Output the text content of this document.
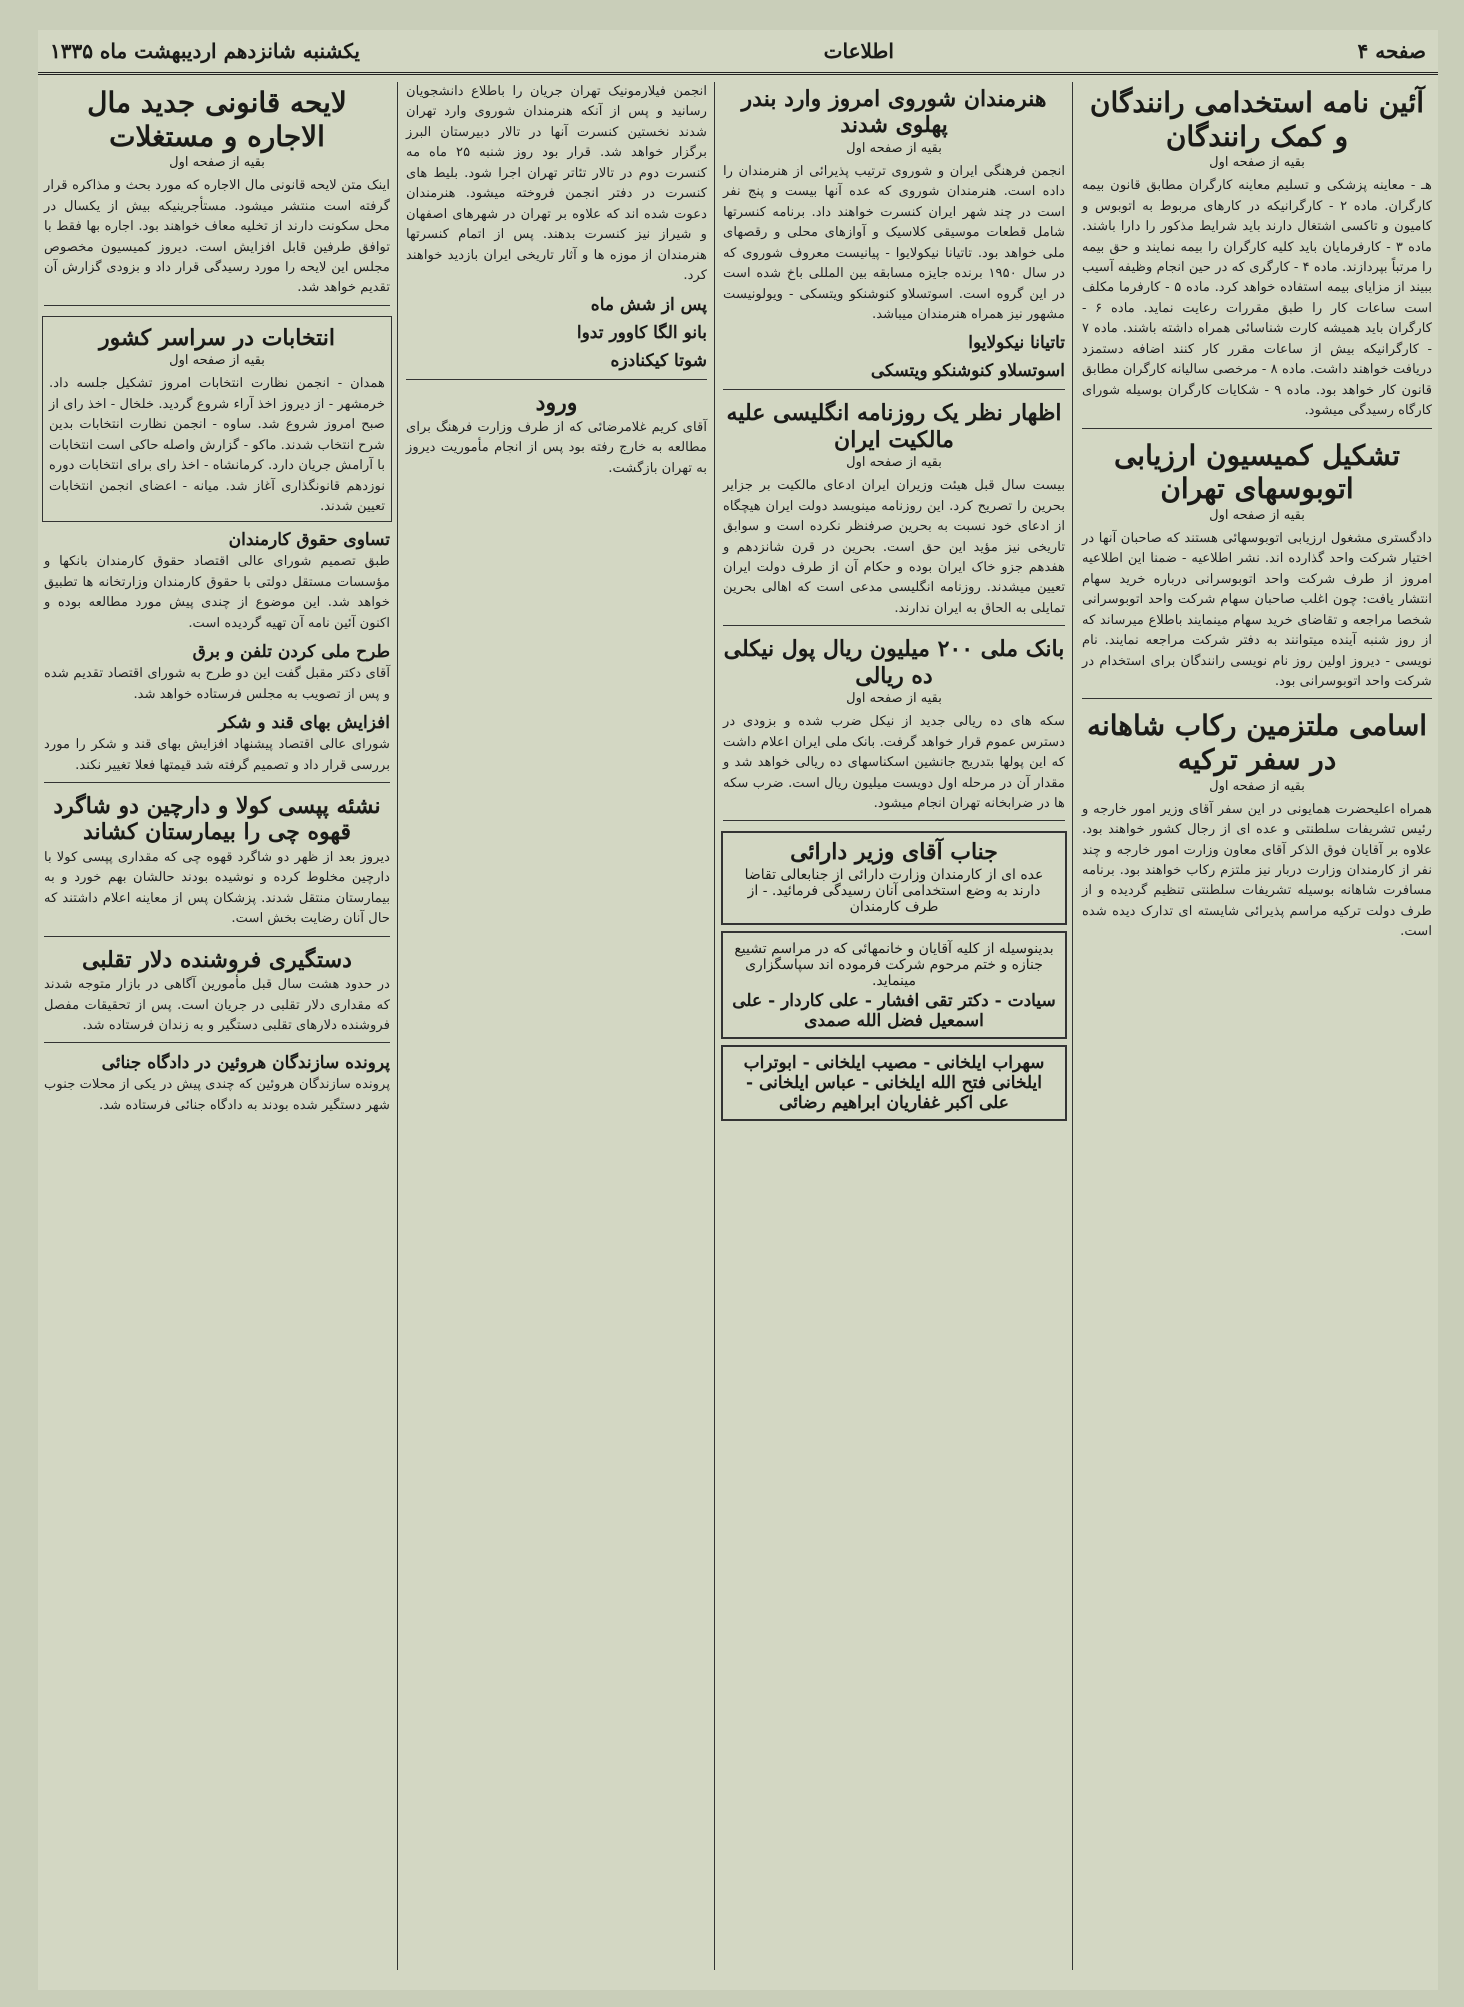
صفحه ۴
اطلاعات
یکشنبه شانزدهم اردیبهشت ماه ۱۳۳۵
آئین نامه استخدامی رانندگان و کمک رانندگان
بقیه از صفحه اول
هـ - معاینه پزشکی و تسلیم معاینه کارگران مطابق قانون بیمه کارگران. ماده ۲ - کارگرانیکه در کارهای مربوط به اتوبوس و کامیون و تاکسی اشتغال دارند باید شرایط مذکور را دارا باشند. ماده ۳ - کارفرمایان باید کلیه کارگران را بیمه نمایند و حق بیمه را مرتباً بپردازند. ماده ۴ - کارگری که در حین انجام وظیفه آسیب ببیند از مزایای بیمه استفاده خواهد کرد. ماده ۵ - کارفرما مکلف است ساعات کار را طبق مقررات رعایت نماید. ماده ۶ - کارگران باید همیشه کارت شناسائی همراه داشته باشند. ماده ۷ - کارگرانیکه بیش از ساعات مقرر کار کنند اضافه دستمزد دریافت خواهند داشت. ماده ۸ - مرخصی سالیانه کارگران مطابق قانون کار خواهد بود. ماده ۹ - شکایات کارگران بوسیله شورای کارگاه رسیدگی میشود.
تشکیل کمیسیون ارزیابی اتوبوسهای تهران
بقیه از صفحه اول
دادگستری مشغول ارزیابی اتوبوسهائی هستند که صاحبان آنها در اختیار شرکت واحد گذارده اند. نشر اطلاعیه - ضمنا این اطلاعیه امروز از طرف شرکت واحد اتوبوسرانی درباره خرید سهام انتشار یافت: چون اغلب صاحبان سهام شرکت واحد اتوبوسرانی شخصا مراجعه و تقاضای خرید سهام مینمایند باطلاع میرساند که از روز شنبه آینده میتوانند به دفتر شرکت مراجعه نمایند. نام نویسی - دیروز اولین روز نام نویسی رانندگان برای استخدام در شرکت واحد اتوبوسرانی بود.
اسامی ملتزمین رکاب شاهانه در سفر ترکیه
بقیه از صفحه اول
همراه اعلیحضرت همایونی در این سفر آقای وزیر امور خارجه و رئیس تشریفات سلطنتی و عده ای از رجال کشور خواهند بود. علاوه بر آقایان فوق الذکر آقای معاون وزارت امور خارجه و چند نفر از کارمندان وزارت دربار نیز ملتزم رکاب خواهند بود. برنامه مسافرت شاهانه بوسیله تشریفات سلطنتی تنظیم گردیده و از طرف دولت ترکیه مراسم پذیرائی شایسته ای تدارک دیده شده است.
هنرمندان شوروی امروز وارد بندر پهلوی شدند
بقیه از صفحه اول
انجمن فرهنگی ایران و شوروی ترتیب پذیرائی از هنرمندان را داده است. هنرمندان شوروی که عده آنها بیست و پنج نفر است در چند شهر ایران کنسرت خواهند داد. برنامه کنسرتها شامل قطعات موسیقی کلاسیک و آوازهای محلی و رقصهای ملی خواهد بود. تاتیانا نیکولایوا - پیانیست معروف شوروی که در سال ۱۹۵۰ برنده جایزه مسابقه بین المللی باخ شده است در این گروه است. اسوتسلاو کنوشنکو ویتسکی - ویولونیست مشهور نیز همراه هنرمندان میباشد.
تاتیانا نیکولایوا
اسوتسلاو کنوشنکو ویتسکی
اظهار نظر یک روزنامه انگلیسی علیه مالکیت ایران
بقیه از صفحه اول
بیست سال قبل هیئت وزیران ایران ادعای مالکیت بر جزایر بحرین را تصریح کرد. این روزنامه مینویسد دولت ایران هیچگاه از ادعای خود نسبت به بحرین صرفنظر نکرده است و سوابق تاریخی نیز مؤید این حق است. بحرین در قرن شانزدهم و هفدهم جزو خاک ایران بوده و حکام آن از طرف دولت ایران تعیین میشدند. روزنامه انگلیسی مدعی است که اهالی بحرین تمایلی به الحاق به ایران ندارند.
بانک ملی ۲۰۰ میلیون ریال پول نیکلی ده ریالی
بقیه از صفحه اول
سکه های ده ریالی جدید از نیکل ضرب شده و بزودی در دسترس عموم قرار خواهد گرفت. بانک ملی ایران اعلام داشت که این پولها بتدریج جانشین اسکناسهای ده ریالی خواهد شد و مقدار آن در مرحله اول دویست میلیون ریال است. ضرب سکه ها در ضرابخانه تهران انجام میشود.
جناب آقای وزیر دارائی
عده ای از کارمندان وزارت دارائی از جنابعالی تقاضا دارند به وضع استخدامی آنان رسیدگی فرمائید. - از طرف کارمندان
بدینوسیله از کلیه آقایان و خانمهائی که در مراسم تشییع جنازه و ختم مرحوم شرکت فرموده اند سپاسگزاری مینماید.
سیادت - دکتر تقی افشار - علی کاردار - علی اسمعیل فضل الله صمدی
سهراب ایلخانی - مصیب ایلخانی - ابوتراب ایلخانی فتح الله ایلخانی - عباس ایلخانی - علی اکبر غفاریان ابراهیم رضائی
انجمن فیلارمونیک تهران جریان را باطلاع دانشجویان رسانید و پس از آنکه هنرمندان شوروی وارد تهران شدند نخستین کنسرت آنها در تالار دبیرستان البرز برگزار خواهد شد. قرار بود روز شنبه ۲۵ ماه مه کنسرت دوم در تالار تئاتر تهران اجرا شود. بلیط های کنسرت در دفتر انجمن فروخته میشود. هنرمندان دعوت شده اند که علاوه بر تهران در شهرهای اصفهان و شیراز نیز کنسرت بدهند. پس از اتمام کنسرتها هنرمندان از موزه ها و آثار تاریخی ایران بازدید خواهند کرد.
پس از شش ماه
بانو الگا کاوور تدوا
شوتا کیکنادزه
ورود
آقای کریم غلامرضائی که از طرف وزارت فرهنگ برای مطالعه به خارج رفته بود پس از انجام مأموریت دیروز به تهران بازگشت.
لایحه قانونی جدید مال الاجاره و مستغلات
بقیه از صفحه اول
اینک متن لایحه قانونی مال الاجاره که مورد بحث و مذاکره قرار گرفته است منتشر میشود. مستأجرینیکه بیش از یکسال در محل سکونت دارند از تخلیه معاف خواهند بود. اجاره بها فقط با توافق طرفین قابل افزایش است. دیروز کمیسیون مخصوص مجلس این لایحه را مورد رسیدگی قرار داد و بزودی گزارش آن تقدیم خواهد شد.
انتخابات در سراسر کشور
بقیه از صفحه اول
همدان - انجمن نظارت انتخابات امروز تشکیل جلسه داد. خرمشهر - از دیروز اخذ آراء شروع گردید. خلخال - اخذ رای از صبح امروز شروع شد. ساوه - انجمن نظارت انتخابات بدین شرح انتخاب شدند. ماکو - گزارش واصله حاکی است انتخابات با آرامش جریان دارد. کرمانشاه - اخذ رای برای انتخابات دوره نوزدهم قانونگذاری آغاز شد. میانه - اعضای انجمن انتخابات تعیین شدند.
تساوی حقوق کارمندان
طبق تصمیم شورای عالی اقتصاد حقوق کارمندان بانکها و مؤسسات مستقل دولتی با حقوق کارمندان وزارتخانه ها تطبیق خواهد شد. این موضوع از چندی پیش مورد مطالعه بوده و اکنون آئین نامه آن تهیه گردیده است.
طرح ملی کردن تلفن و برق
آقای دکتر مقبل گفت این دو طرح به شورای اقتصاد تقدیم شده و پس از تصویب به مجلس فرستاده خواهد شد.
افزایش بهای قند و شکر
شورای عالی اقتصاد پیشنهاد افزایش بهای قند و شکر را مورد بررسی قرار داد و تصمیم گرفته شد قیمتها فعلا تغییر نکند.
نشئه پپسی کولا و دارچین دو شاگرد قهوه چی را بیمارستان کشاند
دیروز بعد از ظهر دو شاگرد قهوه چی که مقداری پپسی کولا با دارچین مخلوط کرده و نوشیده بودند حالشان بهم خورد و به بیمارستان منتقل شدند. پزشکان پس از معاینه اعلام داشتند که حال آنان رضایت بخش است.
دستگیری فروشنده دلار تقلبی
در حدود هشت سال قبل مأمورین آگاهی در بازار متوجه شدند که مقداری دلار تقلبی در جریان است. پس از تحقیقات مفصل فروشنده دلارهای تقلبی دستگیر و به زندان فرستاده شد.
پرونده سازندگان هروئین در دادگاه جنائی
پرونده سازندگان هروئین که چندی پیش در یکی از محلات جنوب شهر دستگیر شده بودند به دادگاه جنائی فرستاده شد.
